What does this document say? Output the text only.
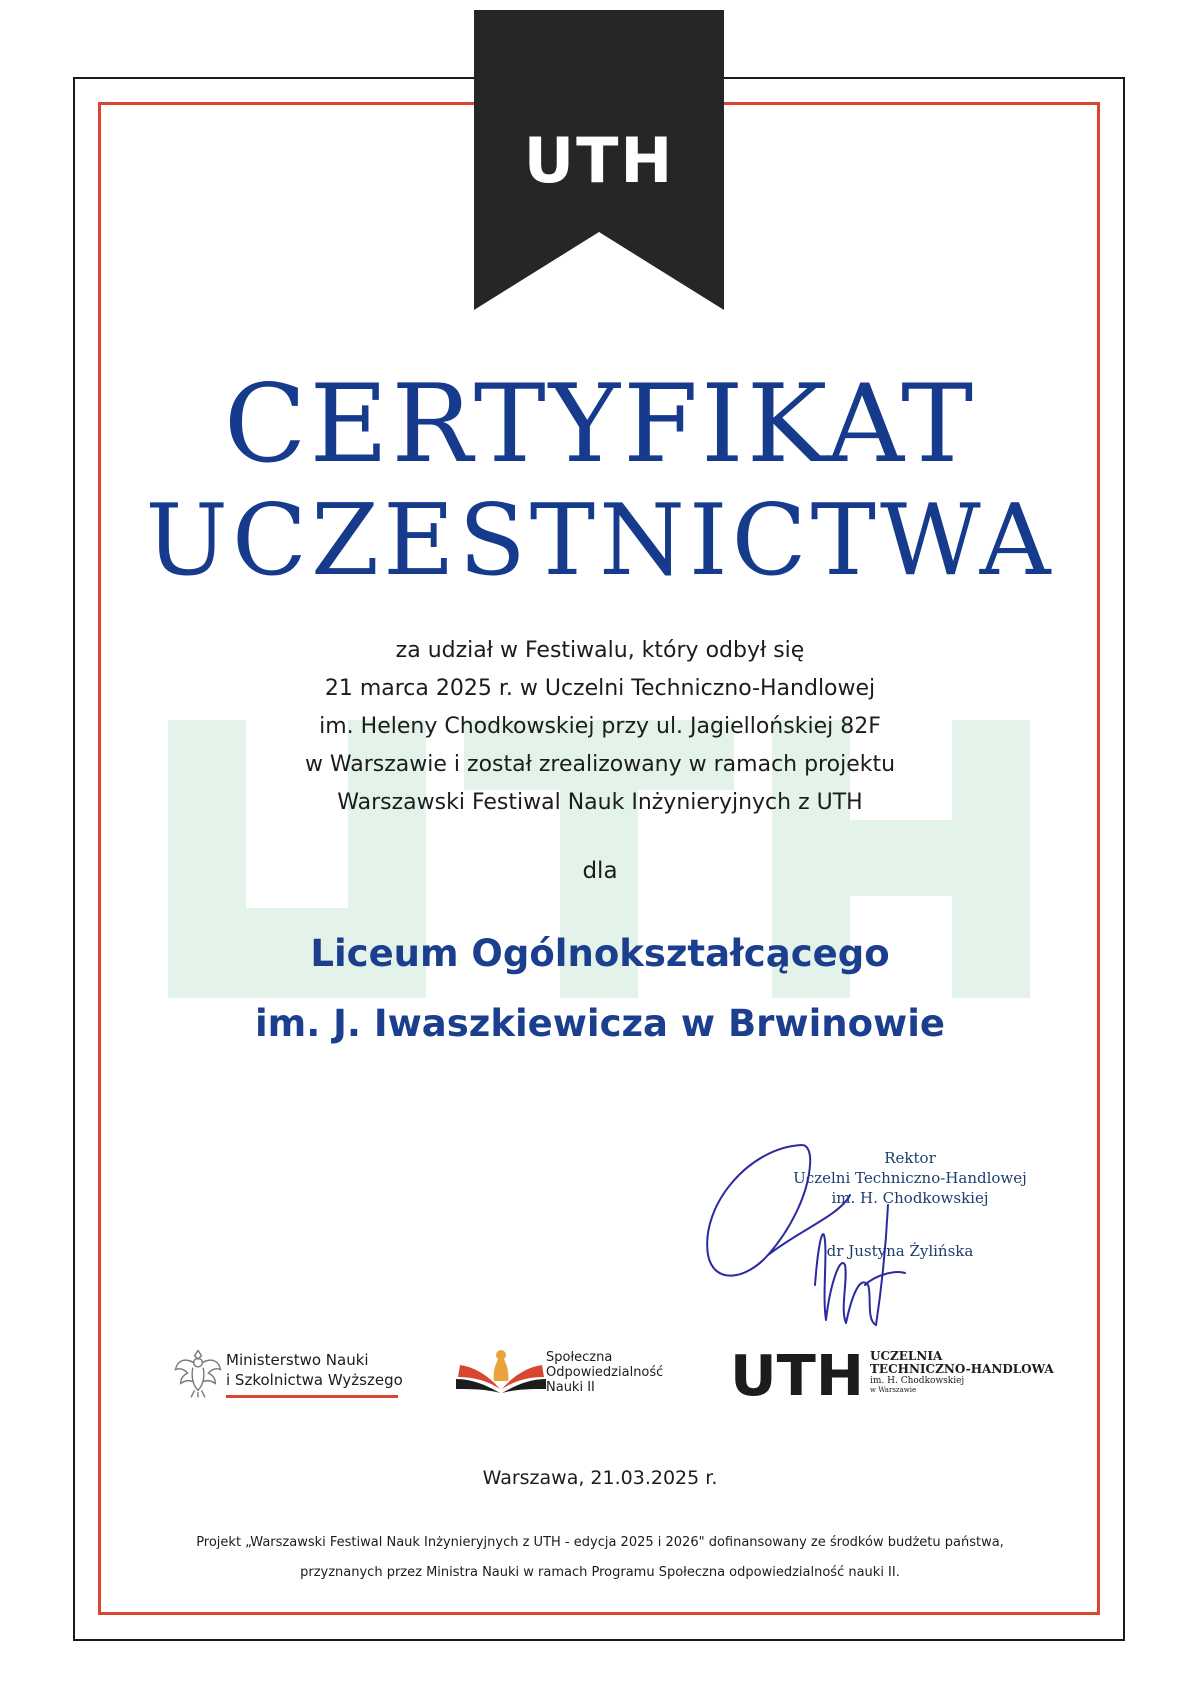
UTH
CERTYFIKAT
UCZESTNICTWA
za udział w Festiwalu, który odbył się
21 marca 2025 r. w Uczelni Techniczno-Handlowej
im. Heleny Chodkowskiej przy ul. Jagiellońskiej 82F
w Warszawie i został zrealizowany w ramach projektu
Warszawski Festiwal Nauk Inżynieryjnych z UTH
dla
Liceum Ogólnokształcącego
im. J. Iwaszkiewicza w Brwinowie
Rektor
Uczelni Techniczno-Handlowej
im. H. Chodkowskiej
dr Justyna Żylińska
Ministerstwo Nauki
i Szkolnictwa Wyższego
Społeczna
Odpowiedzialność
Nauki II	UTH UCZELNIA
TECHNICZNO-HANDLOWA
im. H. Chodkowskiej
w Warszawie
Warszawa, 21.03.2025 r.
Projekt „Warszawski Festiwal Nauk Inżynieryjnych z UTH - edycja 2025 i 2026" dofinansowany ze środków budżetu państwa,
przyznanych przez Ministra Nauki w ramach Programu Społeczna odpowiedzialność nauki II.
